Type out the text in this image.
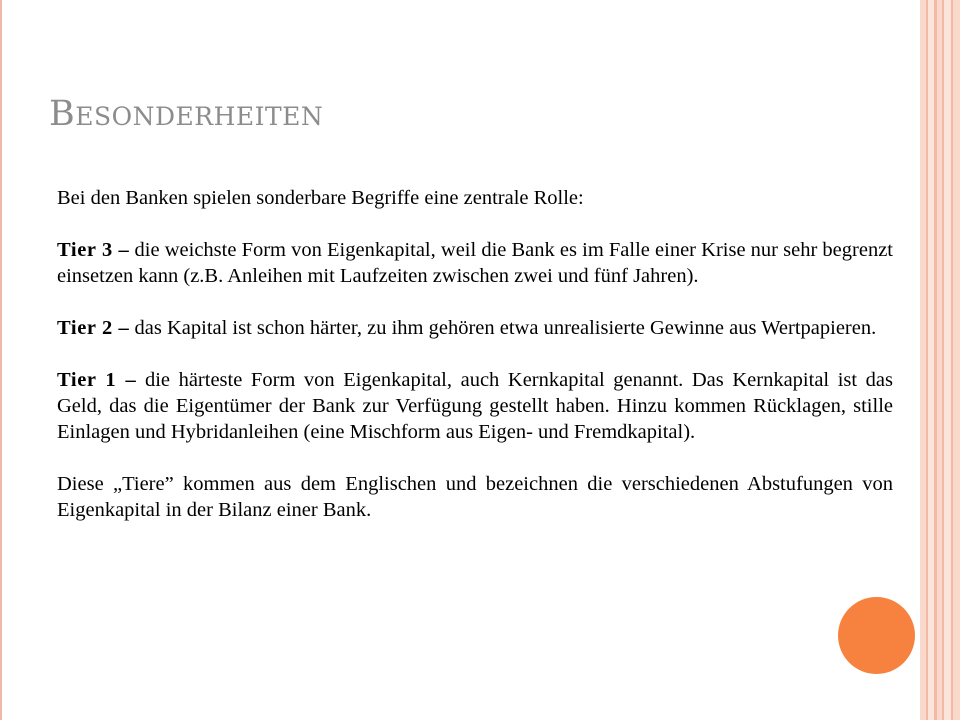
Besonderheiten

Bei den Banken spielen sonderbare Begriffe eine zentrale Rolle:

Tier 3 – die weichste Form von Eigenkapital, weil die Bank es im Falle einer Krise nur sehr begrenzt einsetzen kann (z.B. Anleihen mit Laufzeiten zwischen zwei und fünf Jahren).

Tier 2 – das Kapital ist schon härter, zu ihm gehören etwa unrealisierte Gewinne aus Wertpapieren.

Tier 1 – die härteste Form von Eigenkapital, auch Kernkapital genannt. Das Kernkapital ist das Geld, das die Eigentümer der Bank zur Verfügung gestellt haben. Hinzu kommen Rücklagen, stille Einlagen und Hybridanleihen (eine Mischform aus Eigen- und Fremdkapital).

Diese „Tiere” kommen aus dem Englischen und bezeichnen die verschiedenen Abstufungen von Eigenkapital in der Bilanz einer Bank.
